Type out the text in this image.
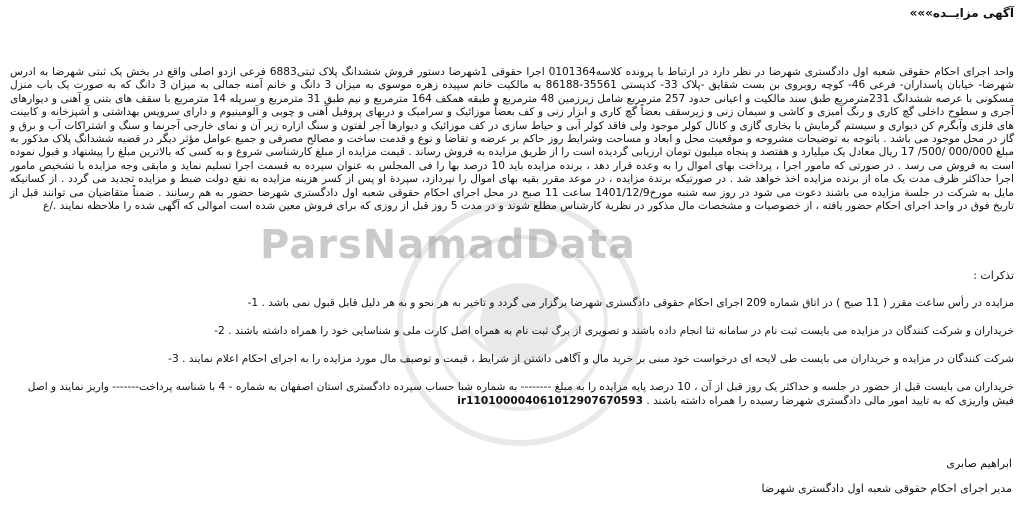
ParsNamadData
آگهی مزایــده»»»
واحد اجرای احکام حقوقی شعبه اول دادگستری شهرضا در نظر دارد در ارتباط با پرونده کلاسه0101364 اجرا حقوقی 1شهرضا دستور فروش ششدانگ پلاک ثبتی6883 فرعی ازدو اصلی واقع در بخش یک ثبتی شهرضا به ادرس شهرضا- خیابان پاسداران- فرعی 46- کوچه روبروی بن بست شقایق -پلاک 33- کدپستی 35561-86188 به مالکیت خانم سپیده زهره موسوی به میزان 3 دانگ و خانم آمنه جمالی به میزان 3 دانگ که به صورت یک باب منزل مسکونی با عرصه ششدانگ 231مترمربع طبق سند مالکیت و اعیانی حدود 257 مترمربع شامل زیرزمین 48 مترمربع و طبقه همکف 164 مترمربع و نیم طبق 31 مترمربع و سرپله 14 مترمربع با سقف های بتنی و آهنی و دیوارهای آجری و سطوح داخلی گچ کاری و رنگ آمیزی و کاشی و سیمان زنی و زیرسقف بعضاً گچ کاری و ابزار زنی و کف بعضاً موزائیک و سرامیک و دربهای پروفیل آهنی و چوبی و آلومینیوم و دارای سرویس بهداشتی و آشپزخانه و کابینت های فلزی وآبگرم کن دیواری و سیستم گرمایش با بخاری گازی و کانال کولر موجود ولی فاقد کولر آبی و حیاط سازی در کف موزائیک و دیوارها آجر لفتون و سنگ ازاره زیر آن و نمای خارجی آجرنما و سنگ و اشتراکات آب و برق و گاز در محل موجود می باشد . باتوجه به توضیحات مشروحه و موقعیت محل و ابعاد و مساحت وشرایط روز حاکم بر عرضه و تقاضا و نوع و قدمت ساخت و مصالح مصرفی و جمیع عوامل مؤثر دیگر در قضیه ششدانگ پلاک مذکور به مبلغ 000/000 /500/ 17 ریال معادل یک میلیارد و هفتصد و پنجاه میلیون تومان ارزیابی گردیده است را از طریق مزایده به فروش رساند . قیمت مزایده از مبلغ کارشناسی شروع و به کسی که بالاترین مبلغ را پیشنهاد و قبول نموده است به فروش می رسد . در صورتی که مامور اجرا ، پرداخت بهای اموال را به وعده قرار دهد ، برنده مزایده باید 10 درصد بها را فی المجلس به عنوان سپرده به قسمت اجرا تسلیم نماید و مابقی وجه مزایده با تشخیص مامور اجرا حداکثر ظرف مدت یک ماه از برنده مزایده اخذ خواهد شد . در صورتیکه برندة مزایده ، در موعد مقرر بقیه بهای اموال را نپردازد، سپردة او پس از کسر هزینه مزایده به نفع دولت ضبط و مزایده تجدید می گردد . از کسانیکه مایل به شرکت در جلسة مزایده می باشند دعوت می شود در روز سه شنبه مورخ1401/12/9 ساعت 11 صبح در محل اجرای احکام حقوقی شعبه اول دادگستری شهرضا حضور به هم رسانند . ضمناً متقاضیان می توانند قبل از تاریخ فوق در واحد اجرای احکام حضور یافته ، از خصوصیات و مشخصات مال مذکور در نظریة کارشناس مطلع شوند و در مدت 5 روز قبل از روزی که برای فروش معین شده است اموالی که آگهی شده را ملاحظه نمایند ./ع
تذکرات :
مزایده در رأس ساعت مقرر ( 11 صبح ) در اتاق شماره 209 اجرای احکام حقوقی دادگستری شهرضا برگزار می گردد و تاخیر به هر نحو و به هر دلیل قابل قبول نمی باشد . 1-
خریداران و شرکت کنندگان در مزایده می بایست ثبت نام در سامانه ثنا انجام داده باشند و تصویری از برگ ثبت نام به همراه اصل کارت ملی و شناسایی خود را همراه داشته باشند . 2-
شرکت کنندگان در مزایده و خریداران می بایست طی لایحه ای درخواست خود مبنی بر خرید مال و آگاهی داشتن از شرایط ، قیمت و توصیف مال مورد مزایده را به اجرای احکام اعلام نمایند . 3-
خریداران می بایست قبل از حضور در جلسه و حداکثر یک روز قبل از آن ، 10 درصد پایه مزایده را به مبلغ -------- به شماره شبا حساب سپرده دادگستری استان اصفهان به شماره - 4 با شناسه پرداخت------- واریز نمایند و اصل فیش واریزی که به تایید امور مالی دادگستری شهرضا رسیده را همراه داشته باشند . ir110100004061012907670593
ابراهیم صابری
مدیر اجرای احکام حقوقی شعبه اول دادگستری شهرضا
